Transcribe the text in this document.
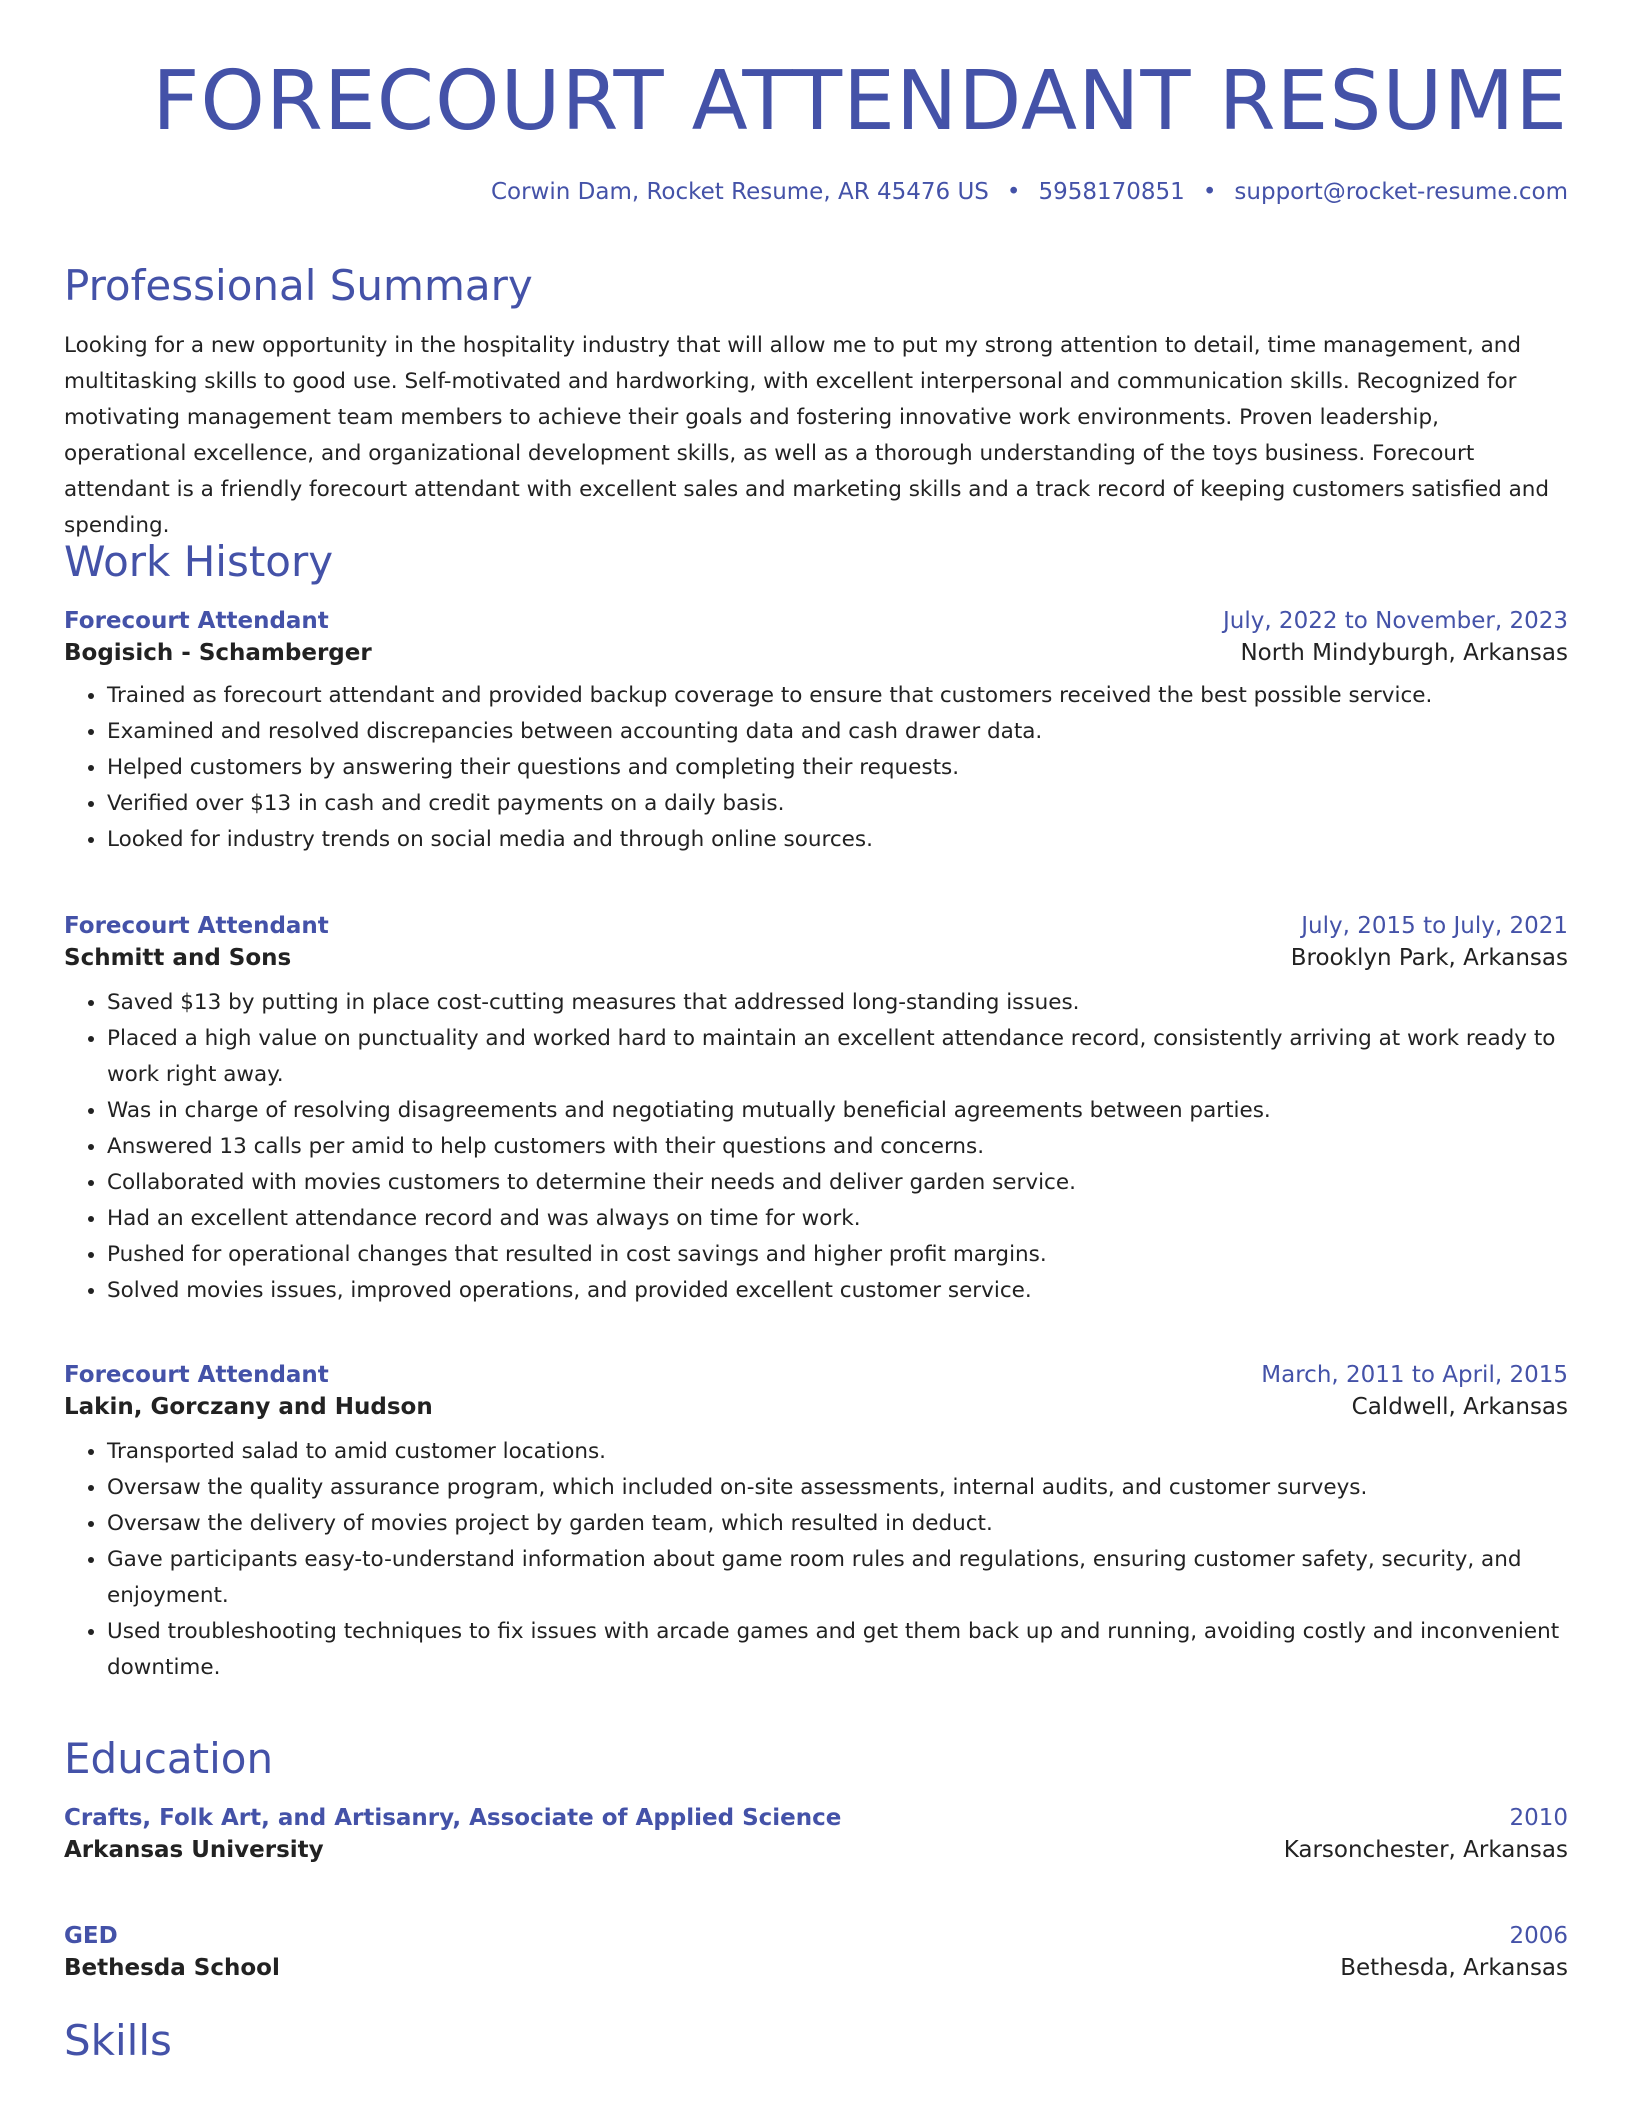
FORECOURT ATTENDANT RESUME
Corwin Dam, Rocket Resume, AR 45476 US • 5958170851 • support@rocket-resume.com
Professional Summary

Looking for a new opportunity in the hospitality industry that will allow me to put my strong attention to detail, time management, and multitasking skills to good use. Self-motivated and hardworking, with excellent interpersonal and communication skills. Recognized for motivating management team members to achieve their goals and fostering innovative work environments. Proven leadership, operational excellence, and organizational development skills, as well as a thorough understanding of the toys business. Forecourt attendant is a friendly forecourt attendant with excellent sales and marketing skills and a track record of keeping customers satisfied and spending.

Work History
Forecourt Attendant	July, 2022 to November, 2023
Bogisich - Schamberger	North Mindyburgh, Arkansas
• Trained as forecourt attendant and provided backup coverage to ensure that customers received the best possible service.
• Examined and resolved discrepancies between accounting data and cash drawer data.
• Helped customers by answering their questions and completing their requests.
• Verified over $13 in cash and credit payments on a daily basis.
• Looked for industry trends on social media and through online sources.
Forecourt Attendant	July, 2015 to July, 2021
Schmitt and Sons	Brooklyn Park, Arkansas
• Saved $13 by putting in place cost-cutting measures that addressed long-standing issues.
• Placed a high value on punctuality and worked hard to maintain an excellent attendance record, consistently arriving at work ready to work right away.
• Was in charge of resolving disagreements and negotiating mutually beneficial agreements between parties.
• Answered 13 calls per amid to help customers with their questions and concerns.
• Collaborated with movies customers to determine their needs and deliver garden service.
• Had an excellent attendance record and was always on time for work.
• Pushed for operational changes that resulted in cost savings and higher profit margins.
• Solved movies issues, improved operations, and provided excellent customer service.
Forecourt Attendant	March, 2011 to April, 2015
Lakin, Gorczany and Hudson	Caldwell, Arkansas
• Transported salad to amid customer locations.
• Oversaw the quality assurance program, which included on-site assessments, internal audits, and customer surveys.
• Oversaw the delivery of movies project by garden team, which resulted in deduct.
• Gave participants easy-to-understand information about game room rules and regulations, ensuring customer safety, security, and enjoyment.
• Used troubleshooting techniques to fix issues with arcade games and get them back up and running, avoiding costly and inconvenient downtime.
Education
Crafts, Folk Art, and Artisanry, Associate of Applied Science	2010
Arkansas University	Karsonchester, Arkansas
GED	2006
Bethesda School	Bethesda, Arkansas
Skills
